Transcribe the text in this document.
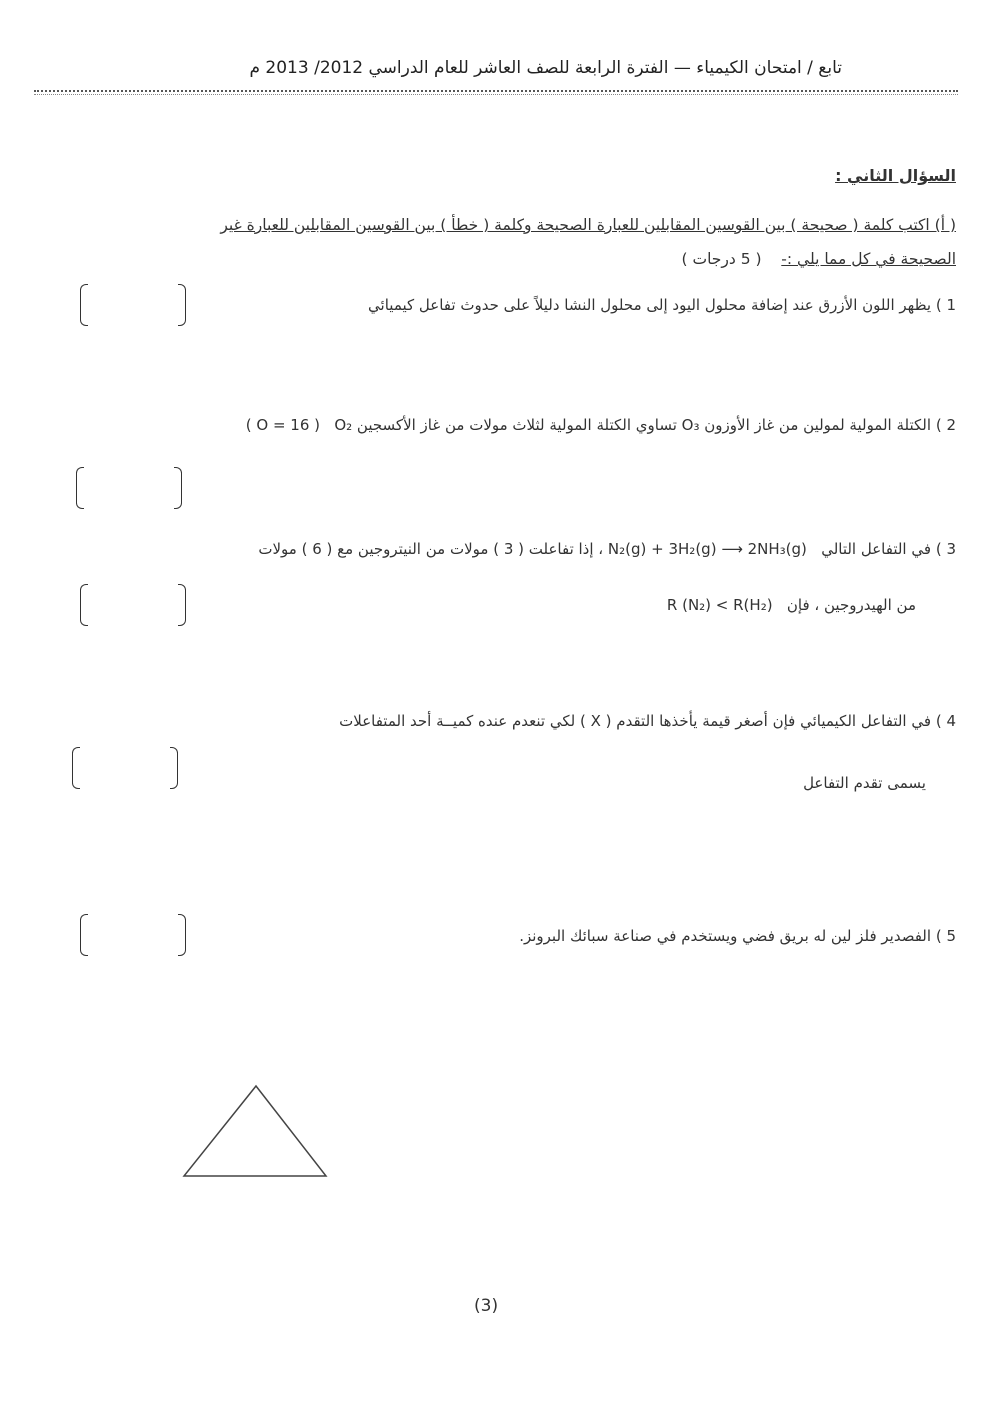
تابع / امتحان الكيمياء — الفترة الرابعة للصف العاشر للعام الدراسي 2012/ 2013 م
السؤال الثاني :
( أ) اكتب كلمة ( صحيحة ) بين القوسين المقابلين للعبارة الصحيحة وكلمة ( خطأ ) بين القوسين المقابلين للعبارة غير
الصحيحة في كل مما يلي :-    ( 5 درجات )
1 ) يظهر اللون الأزرق عند إضافة محلول اليود إلى محلول النشا دليلاً على حدوث تفاعل كيميائي
2 ) الكتلة المولية لمولين من غاز الأوزون O₃ تساوي الكتلة المولية لثلاث مولات من غاز الأكسجين O₂   ( O = 16 )
3 ) في التفاعل التالي   N₂(g) + 3H₂(g) ⟶ 2NH₃(g) ، إذا تفاعلت ( 3 ) مولات من النيتروجين مع ( 6 ) مولات
من الهيدروجين ، فإن   R (N₂) < R(H₂)
4 ) في التفاعل الكيميائي فإن أصغر قيمة يأخذها التقدم ( X ) لكي تنعدم عنده كميــة أحد المتفاعلات
يسمى تقدم التفاعل
5 ) الفصدير فلز لين له بريق فضي ويستخدم في صناعة سبائك البرونز.
(3)
